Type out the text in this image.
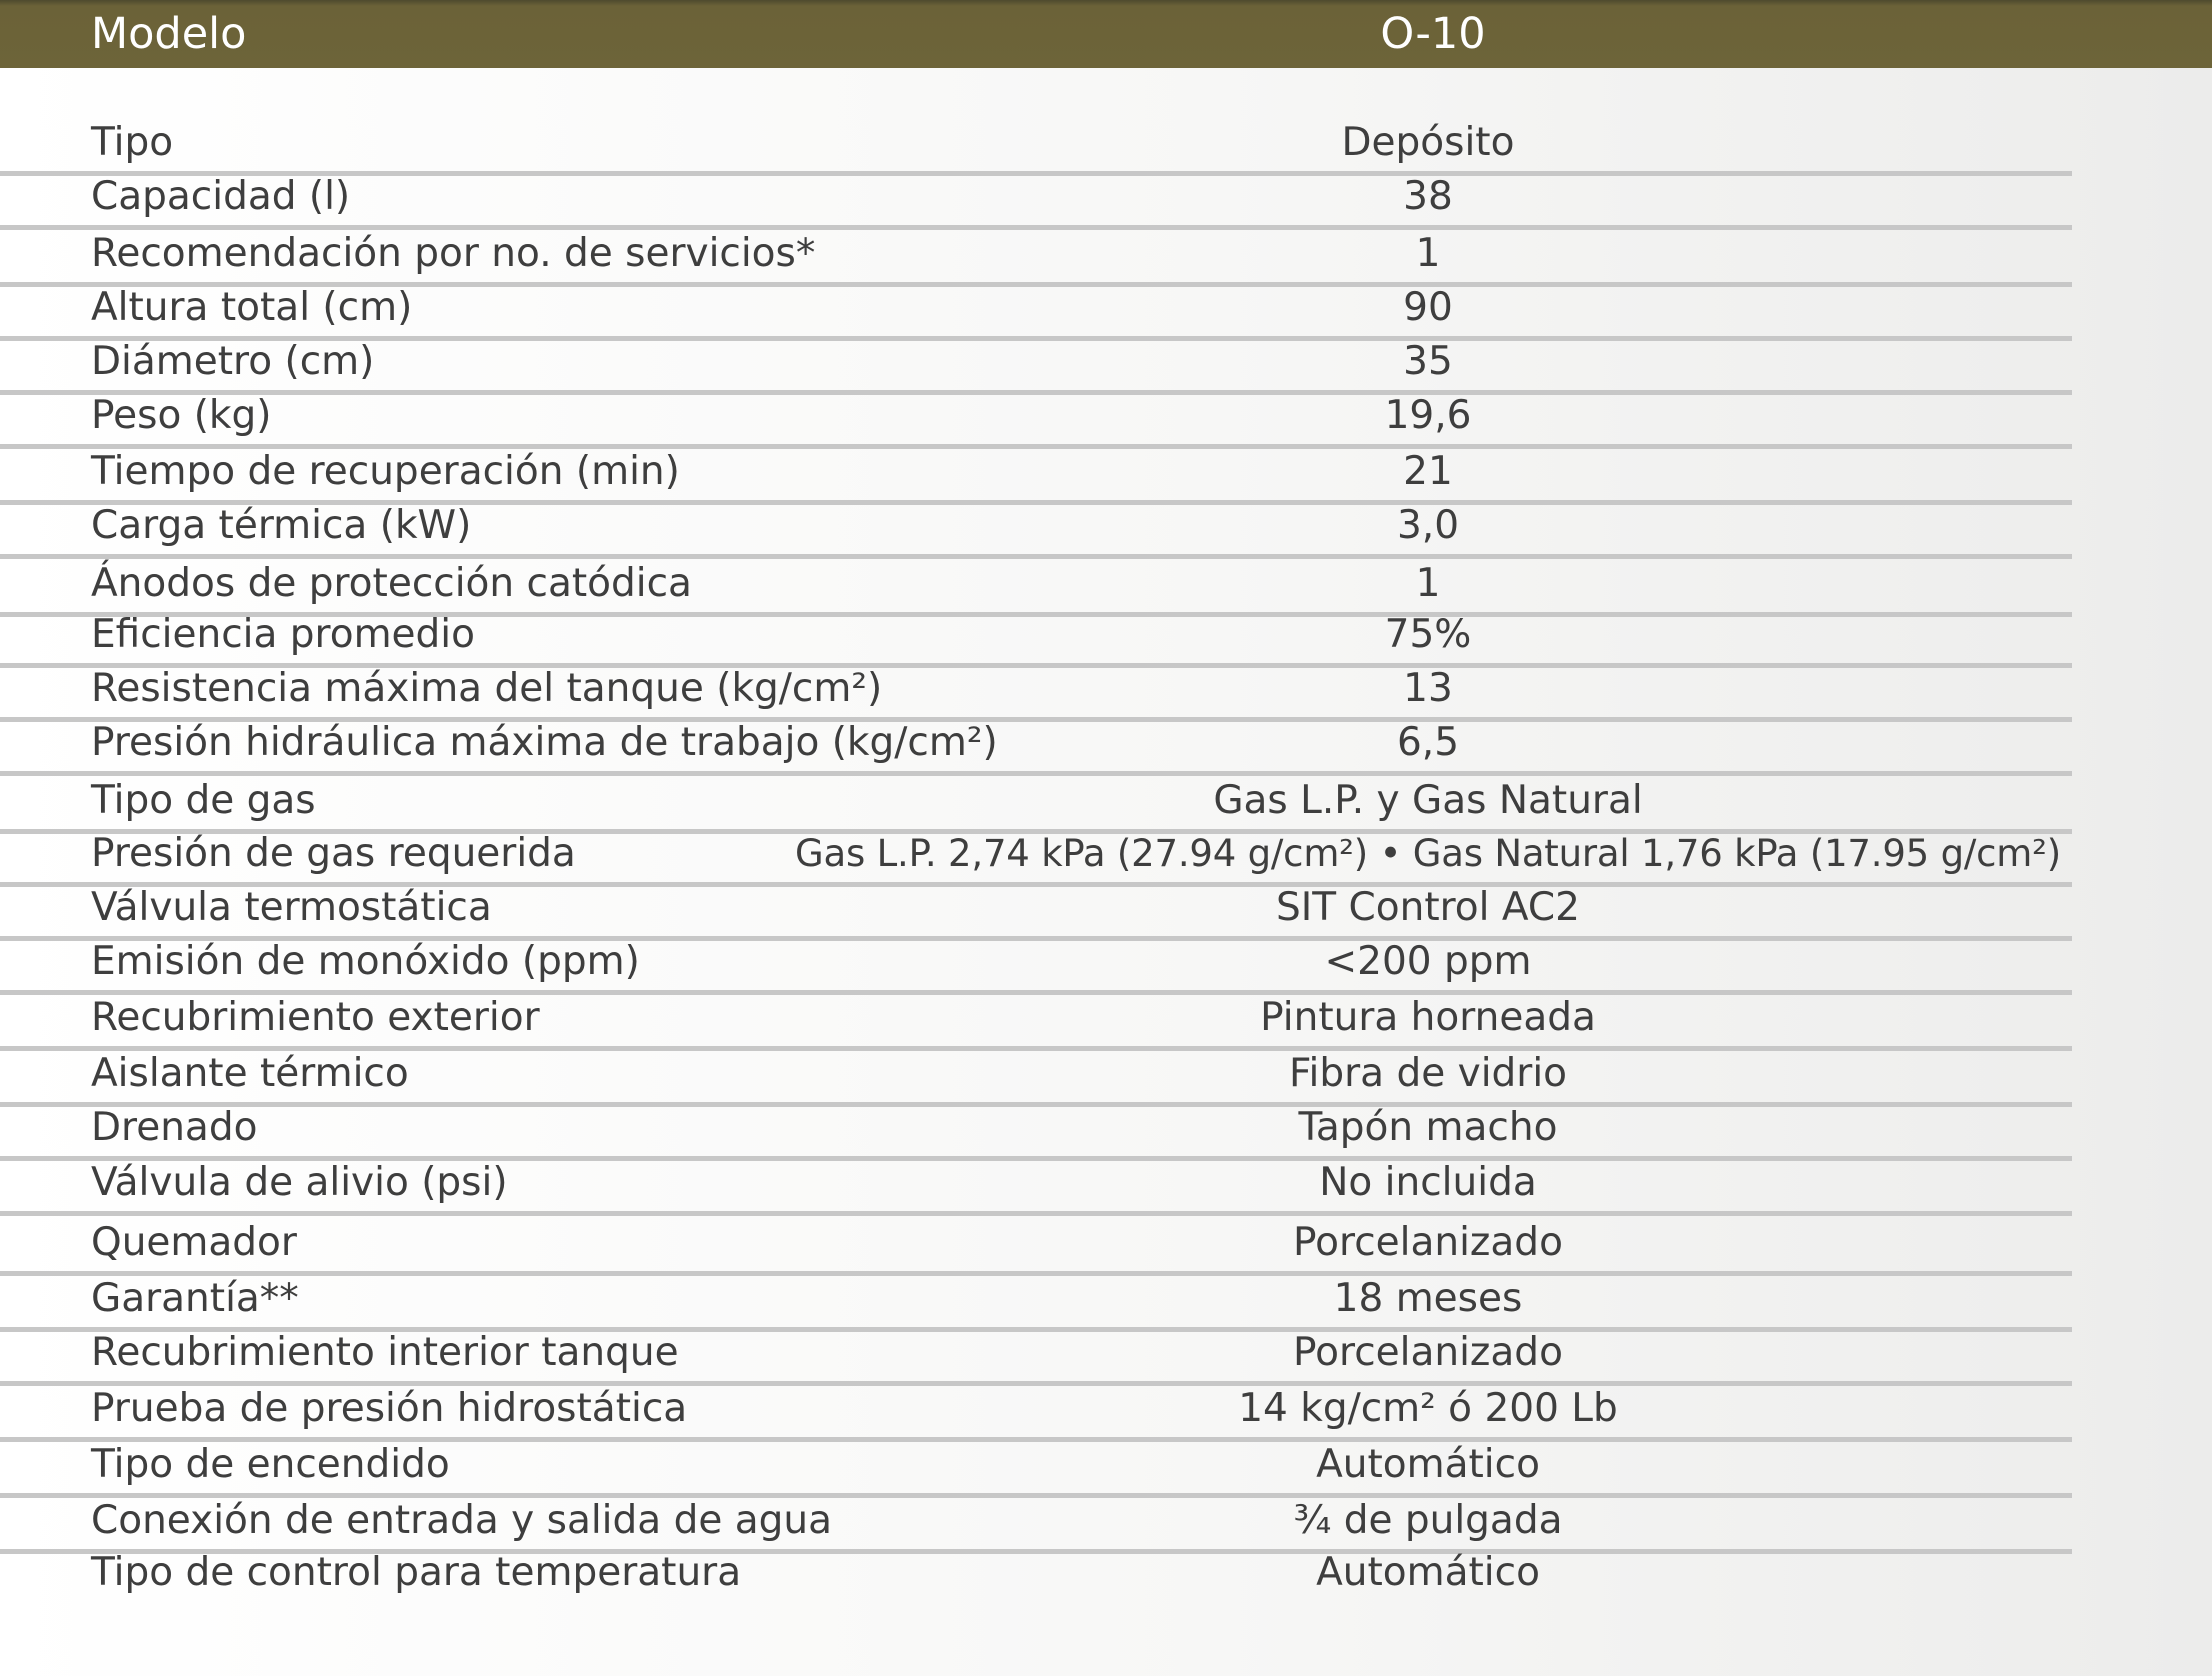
Modelo	O-10
Tipo	Depósito
Capacidad (l)	38
Recomendación por no. de servicios*	1
Altura total (cm)	90
Diámetro (cm)	35
Peso (kg)	19,6
Tiempo de recuperación (min)	21
Carga térmica (kW)	3,0
Ánodos de protección catódica	1
Eficiencia promedio	75%
Resistencia máxima del tanque (kg/cm²)	13
Presión hidráulica máxima de trabajo (kg/cm²)	6,5
Tipo de gas	Gas L.P. y Gas Natural
Presión de gas requerida	Gas L.P. 2,74 kPa (27.94 g/cm²) • Gas Natural 1,76 kPa (17.95 g/cm²)
Válvula termostática	SIT Control AC2
Emisión de monóxido (ppm)	<200 ppm
Recubrimiento exterior	Pintura horneada
Aislante térmico	Fibra de vidrio
Drenado	Tapón macho
Válvula de alivio (psi)	No incluida
Quemador	Porcelanizado
Garantía**	18 meses
Recubrimiento interior tanque	Porcelanizado
Prueba de presión hidrostática	14 kg/cm² ó 200 Lb
Tipo de encendido	Automático
Conexión de entrada y salida de agua	¾ de pulgada
Tipo de control para temperatura	Automático
